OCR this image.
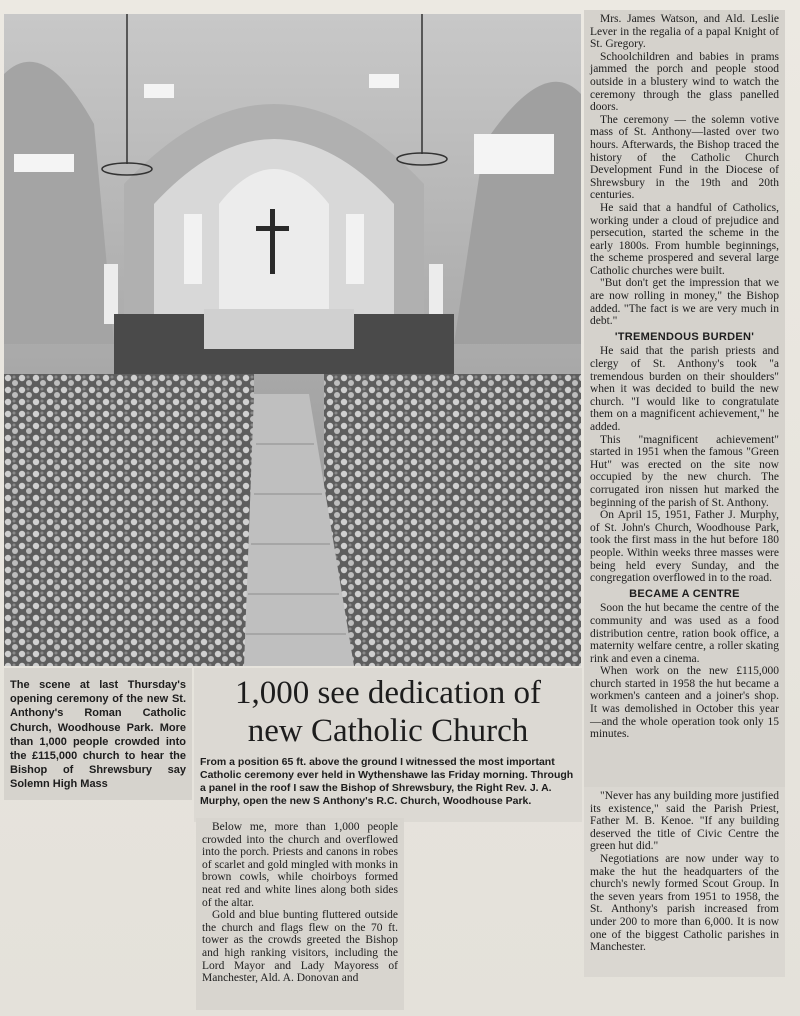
The scene at last Thursday's opening ceremony of the new St. Anthony's Roman Catholic Church, Woodhouse Park. More than 1,000 people crowded into the £115,000 church to hear the Bishop of Shrewsbury say Solemn High Mass
1,000 see dedication of
new Catholic Church
From a position 65 ft. above the ground I witnessed the most important Catholic ceremony ever held in Wythenshawe las Friday morning. Through a panel in the roof I saw the Bishop of Shrewsbury, the Right Rev. J. A. Murphy, open the new S Anthony's R.C. Church, Woodhouse Park.

Below me, more than 1,000 people crowded into the church and overflowed into the porch. Priests and canons in robes of scarlet and gold mingled with monks in brown cowls, while choirboys formed neat red and white lines along both sides of the altar.

Gold and blue bunting fluttered outside the church and flags flew on the 70 ft. tower as the crowds greeted the Bishop and high ranking visitors, including the Lord Mayor and Lady Mayoress of Manchester, Ald. A. Donovan and

Mrs. James Watson, and Ald. Leslie Lever in the regalia of a papal Knight of St. Gregory.

Schoolchildren and babies in prams jammed the porch and people stood outside in a blustery wind to watch the ceremony through the glass panelled doors.

The ceremony — the solemn votive mass of St. Anthony—lasted over two hours. Afterwards, the Bishop traced the history of the Catholic Church Development Fund in the Diocese of Shrewsbury in the 19th and 20th centuries.

He said that a handful of Catholics, working under a cloud of prejudice and persecution, started the scheme in the early 1800s. From humble beginnings, the scheme prospered and several large Catholic churches were built.

"But don't get the impression that we are now rolling in money," the Bishop added. "The fact is we are very much in debt."

'TREMENDOUS BURDEN'

He said that the parish priests and clergy of St. Anthony's took "a tremendous burden on their shoulders" when it was decided to build the new church. "I would like to congratulate them on a magnificent achievement," he added.

This "magnificent achievement" started in 1951 when the famous "Green Hut" was erected on the site now occupied by the new church. The corrugated iron nissen hut marked the beginning of the parish of St. Anthony.

On April 15, 1951, Father J. Murphy, of St. John's Church, Woodhouse Park, took the first mass in the hut before 180 people. Within weeks three masses were being held every Sunday, and the congregation overflowed in to the road.

BECAME A CENTRE

Soon the hut became the centre of the community and was used as a food distribution centre, ration book office, a maternity welfare centre, a roller skating rink and even a cinema.

When work on the new £115,000 church started in 1958 the hut became a workmen's canteen and a joiner's shop. It was demolished in October this year—and the whole operation took only 15 minutes.

"Never has any building more justified its existence," said the Parish Priest, Father M. B. Kenoe. "If any building deserved the title of Civic Centre the green hut did."

Negotiations are now under way to make the hut the headquarters of the church's newly formed Scout Group. In the seven years from 1951 to 1958, the St. Anthony's parish increased from under 200 to more than 6,000. It is now one of the biggest Catholic parishes in Manchester.
